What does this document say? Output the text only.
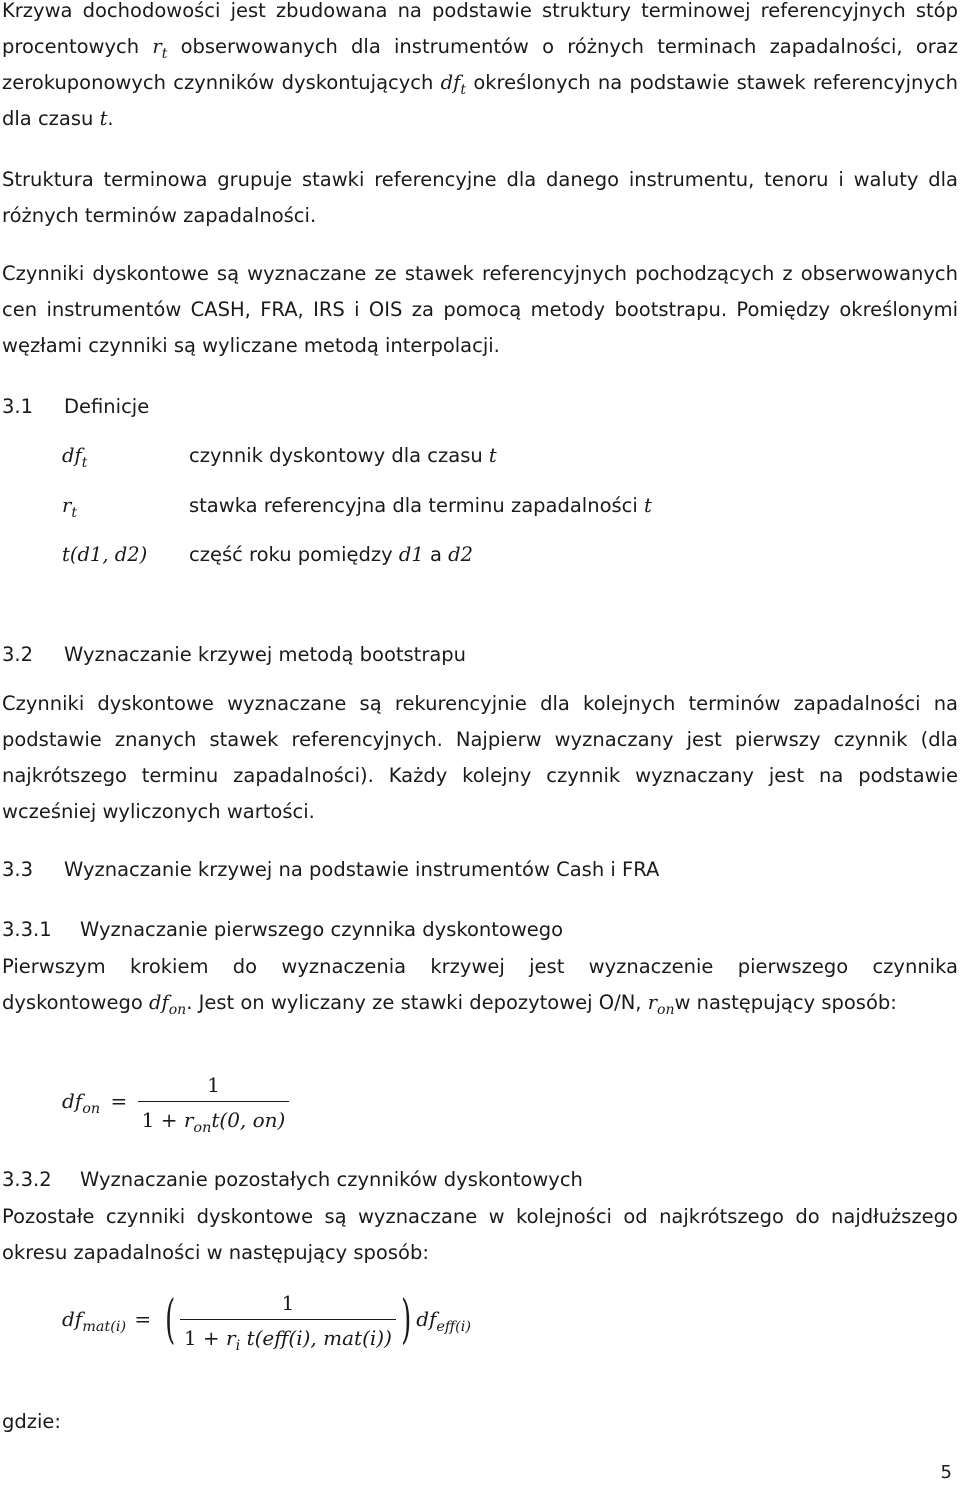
Krzywa dochodowości jest zbudowana na podstawie struktury terminowej referencyjnych stóp procentowych $r_t$ obserwowanych dla instrumentów o różnych terminach zapadalności, oraz zerokuponowych czynników dyskontujących $df_t$ określonych na podstawie stawek referencyjnych dla czasu t.

Struktura terminowa grupuje stawki referencyjne dla danego instrumentu, tenoru i waluty dla różnych terminów zapadalności.

Czynniki dyskontowe są wyznaczane ze stawek referencyjnych pochodzących z obserwowanych cen instrumentów CASH, FRA, IRS i OIS za pomocą metody bootstrapu. Pomiędzy określonymi węzłami czynniki są wyliczane metodą interpolacji.

3.1 Definicje
$df_t$	czynnik dyskontowy dla czasu t
$r_t$	stawka referencyjna dla terminu zapadalności t
t(d1, d2) część roku pomiędzy d1 a d2
3.2 Wyznaczanie krzywej metodą bootstrapu

Czynniki dyskontowe wyznaczane są rekurencyjnie dla kolejnych terminów zapadalności na podstawie znanych stawek referencyjnych. Najpierw wyznaczany jest pierwszy czynnik (dla najkrótszego terminu zapadalności). Każdy kolejny czynnik wyznaczany jest na podstawie wcześniej wyliczonych wartości.

3.3 Wyznaczanie krzywej na podstawie instrumentów Cash i FRA
3.3.1 Wyznaczanie pierwszego czynnika dyskontowego

Pierwszym krokiem do wyznaczenia krzywej jest wyznaczenie pierwszego czynnika dyskontowego $df_{on}$. Jest on wyliczany ze stawki depozytowej O/N, $r_{on}w$ następujący sposób:

$df_{on} = \frac{1}{1 + r_{on}t(0, on)}$
3.3.2 Wyznaczanie pozostałych czynników dyskontowych

Pozostałe czynniki dyskontowe są wyznaczane w kolejności od najkrótszego do najdłuższego okresu zapadalności w następujący sposób:

$df_{mat(i)}$ = ( $\frac{1}{1 + r_i t(eff(i), mat(i))}$ ) $df_{eff(i)}$

gdzie:

5
